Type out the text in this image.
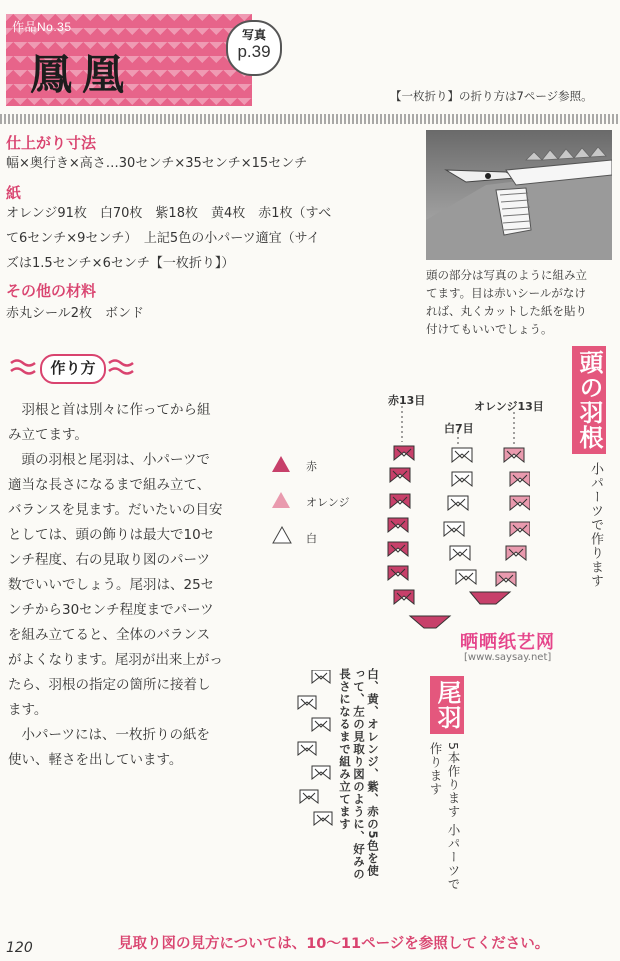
作品No.35
鳳凰
写真
p.39
【一枚折り】の折り方は7ページ参照。
仕上がり寸法
幅×奥行き×高さ…30センチ×35センチ×15センチ
紙
オレンジ91枚　白70枚　紫18枚　黄4枚　赤1枚（すべ
て6センチ×9センチ）　上記5色の小パーツ適宜（サイ
ズは1.5センチ×6センチ【一枚折り】）
その他の材料
赤丸シール2枚　ボンド
頭の部分は写真のように組み立
てます。目は赤いシールがなけ
れば、丸くカットした紙を貼り
付けてもいいでしょう。
作り方

羽根と首は別々に作ってから組み立てます。

頭の羽根と尾羽は、小パーツで適当な長さになるまで組み立て、バランスを見ます。だいたいの目安としては、頭の飾りは最大で10センチ程度、右の見取り図のパーツ数でいいでしょう。尾羽は、25センチから30センチ程度までパーツを組み立てると、全体のバランスがよくなります。尾羽が出来上がったら、羽根の指定の箇所に接着します。

小パーツには、一枚折りの紙を使い、軽さを出しています。

赤
オレンジ
白
赤13目
白7目
オレンジ13目 頭の羽根
小パーツで作ります
尾羽
5本作ります 小パーツで作ります
白、黄、オレンジ、紫、赤の5色を使って、左の見取り図のように、好みの長さになるまで組み立てます
晒晒纸艺网
[www.saysay.net]
120	見取り図の見方については、10〜11ページを参照してください。
